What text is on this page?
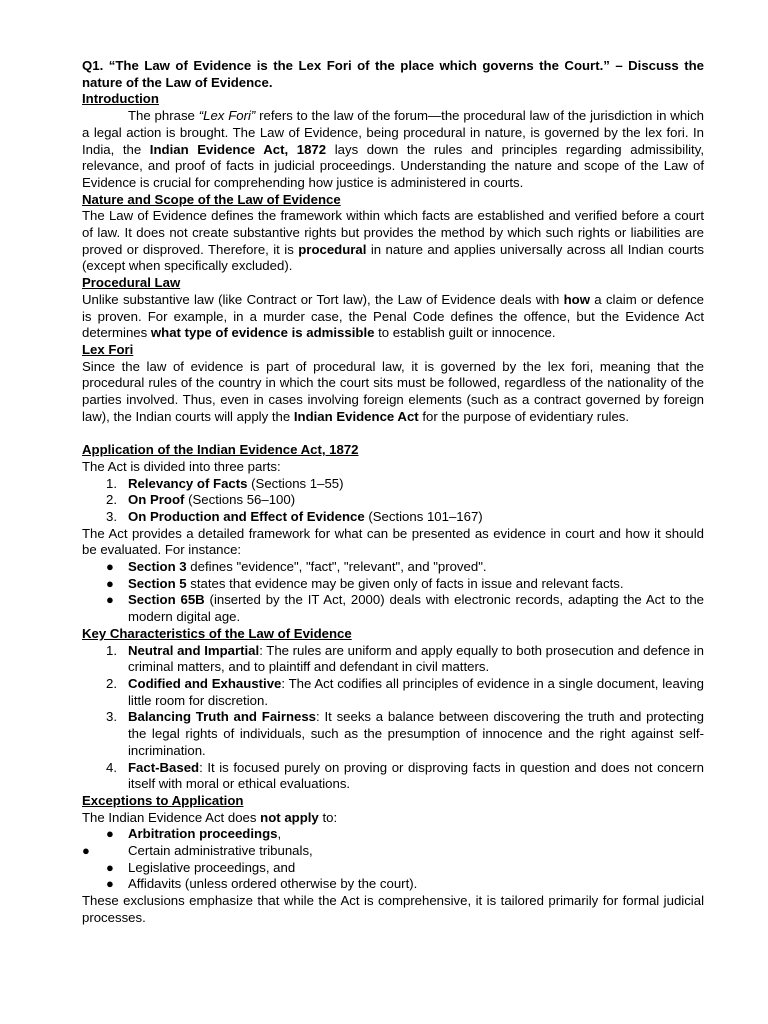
Q1. “The Law of Evidence is the Lex Fori of the place which governs the Court.” – Discuss the nature of the Law of Evidence.

Introduction

The phrase “Lex Fori” refers to the law of the forum—the procedural law of the jurisdiction in which a legal action is brought. The Law of Evidence, being procedural in nature, is governed by the lex fori. In India, the Indian Evidence Act, 1872 lays down the rules and principles regarding admissibility, relevance, and proof of facts in judicial proceedings. Understanding the nature and scope of the Law of Evidence is crucial for comprehending how justice is administered in courts.

Nature and Scope of the Law of Evidence

The Law of Evidence defines the framework within which facts are established and verified before a court of law. It does not create substantive rights but provides the method by which such rights or liabilities are proved or disproved. Therefore, it is procedural in nature and applies universally across all Indian courts (except when specifically excluded).

Procedural Law

Unlike substantive law (like Contract or Tort law), the Law of Evidence deals with how a claim or defence is proven. For example, in a murder case, the Penal Code defines the offence, but the Evidence Act determines what type of evidence is admissible to establish guilt or innocence.

Lex Fori

Since the law of evidence is part of procedural law, it is governed by the lex fori, meaning that the procedural rules of the country in which the court sits must be followed, regardless of the nationality of the parties involved. Thus, even in cases involving foreign elements (such as a contract governed by foreign law), the Indian courts will apply the Indian Evidence Act for the purpose of evidentiary rules.

Application of the Indian Evidence Act, 1872

The Act is divided into three parts:

1. Relevancy of Facts (Sections 1–55)
2. On Proof (Sections 56–100)
3. On Production and Effect of Evidence (Sections 101–167)

The Act provides a detailed framework for what can be presented as evidence in court and how it should be evaluated. For instance:

● Section 3 defines "evidence", "fact", "relevant", and "proved".
● Section 5 states that evidence may be given only of facts in issue and relevant facts.
● Section 65B (inserted by the IT Act, 2000) deals with electronic records, adapting the Act to the modern digital age.
Key Characteristics of the Law of Evidence
1. Neutral and Impartial: The rules are uniform and apply equally to both prosecution and defence in criminal matters, and to plaintiff and defendant in civil matters.
2. Codified and Exhaustive: The Act codifies all principles of evidence in a single document, leaving little room for discretion.
3. Balancing Truth and Fairness: It seeks a balance between discovering the truth and protecting the legal rights of individuals, such as the presumption of innocence and the right against self-incrimination.
4. Fact-Based: It is focused purely on proving or disproving facts in question and does not concern itself with moral or ethical evaluations.
Exceptions to Application

The Indian Evidence Act does not apply to:

● Arbitration proceedings,
●	Certain administrative tribunals,
● Legislative proceedings, and
● Affidavits (unless ordered otherwise by the court).

These exclusions emphasize that while the Act is comprehensive, it is tailored primarily for formal judicial processes.
